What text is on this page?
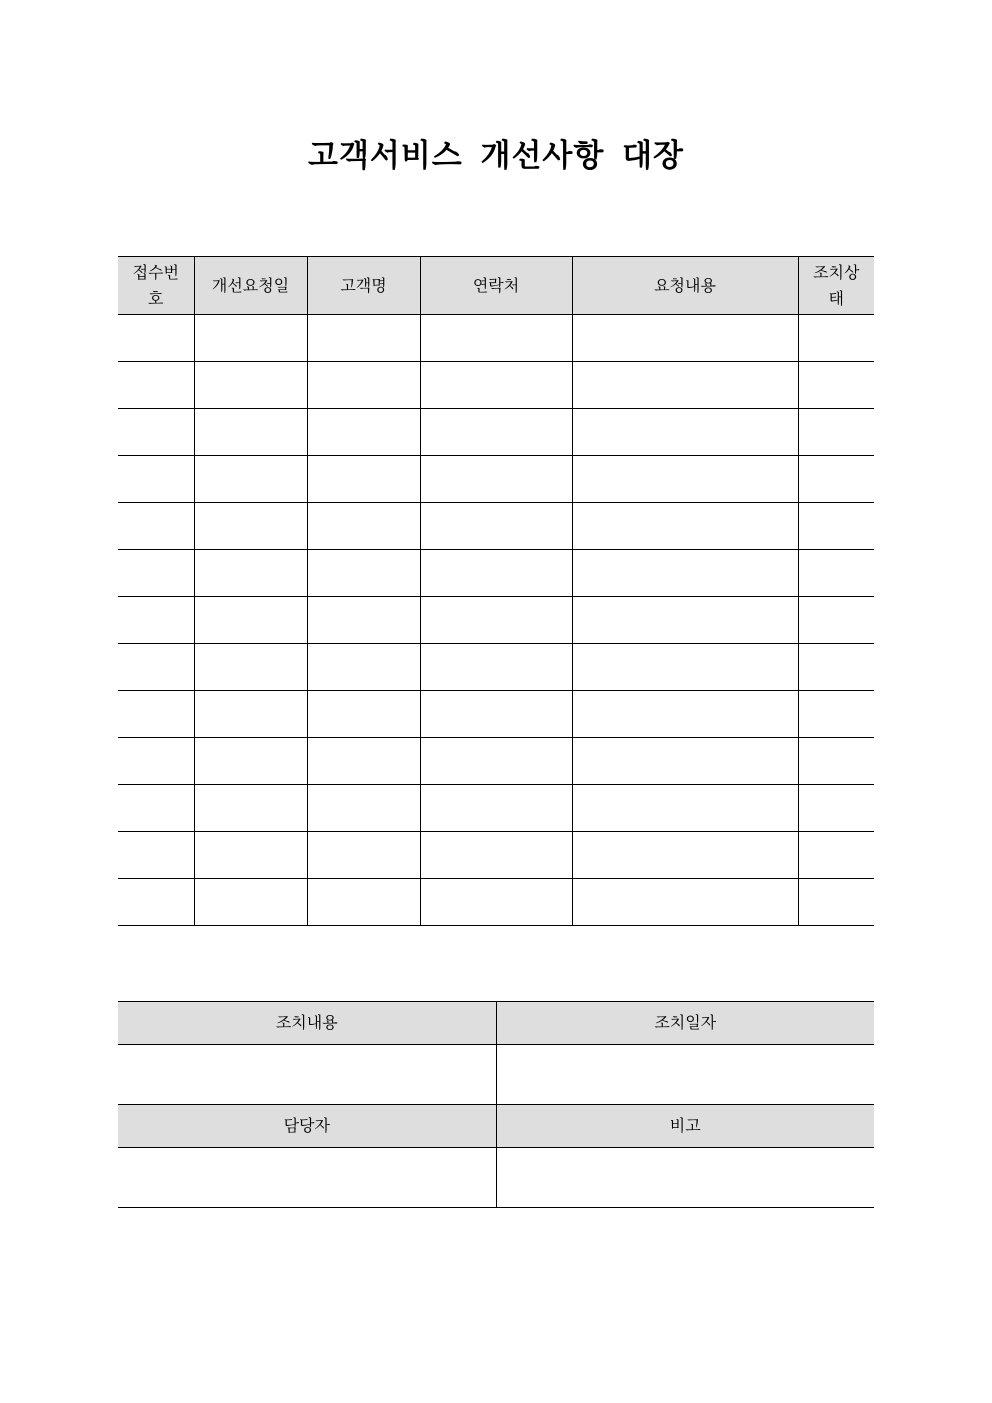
고객서비스 개선사항 대장
접수번
호	개선요청일	고객명	연락처	요청내용	조치상
태

조치내용	조치일자

담당자	비고
